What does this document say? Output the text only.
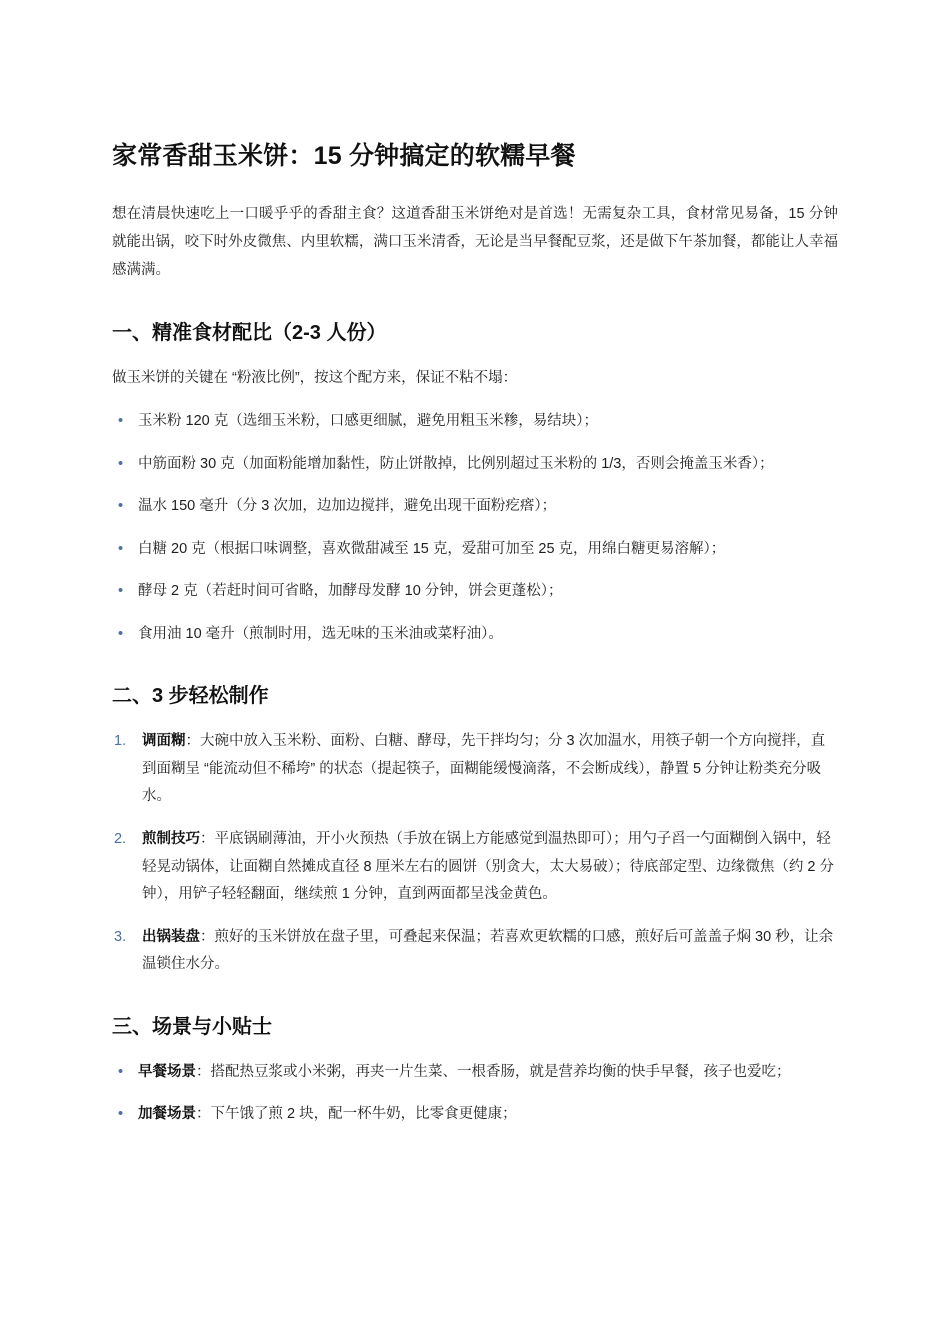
家常香甜玉米饼：15 分钟搞定的软糯早餐

想在清晨快速吃上一口暖乎乎的香甜主食？这道香甜玉米饼绝对是首选！无需复杂工具，食材常见易备，15 分钟就能出锅，咬下时外皮微焦、内里软糯，满口玉米清香，无论是当早餐配豆浆，还是做下午茶加餐，都能让人幸福感满满。

一、精准食材配比（2-3 人份）

做玉米饼的关键在 “粉液比例”，按这个配方来，保证不粘不塌：

• 玉米粉 120 克（选细玉米粉，口感更细腻，避免用粗玉米糁，易结块）；
• 中筋面粉 30 克（加面粉能增加黏性，防止饼散掉，比例别超过玉米粉的 1/3，否则会掩盖玉米香）；
• 温水 150 毫升（分 3 次加，边加边搅拌，避免出现干面粉疙瘩）；
• 白糖 20 克（根据口味调整，喜欢微甜减至 15 克，爱甜可加至 25 克，用绵白糖更易溶解）；
• 酵母 2 克（若赶时间可省略，加酵母发酵 10 分钟，饼会更蓬松）；
• 食用油 10 毫升（煎制时用，选无味的玉米油或菜籽油）。
二、3 步轻松制作
1.	调面糊：大碗中放入玉米粉、面粉、白糖、酵母，先干拌均匀；分 3 次加温水，用筷子朝一个方向搅拌，直到面糊呈 “能流动但不稀垮” 的状态（提起筷子，面糊能缓慢滴落，不会断成线），静置 5 分钟让粉类充分吸水。
2.	煎制技巧：平底锅刷薄油，开小火预热（手放在锅上方能感觉到温热即可）；用勺子舀一勺面糊倒入锅中，轻轻晃动锅体，让面糊自然摊成直径 8 厘米左右的圆饼（别贪大，太大易破）；待底部定型、边缘微焦（约 2 分钟），用铲子轻轻翻面，继续煎 1 分钟，直到两面都呈浅金黄色。
3.	出锅装盘：煎好的玉米饼放在盘子里，可叠起来保温；若喜欢更软糯的口感，煎好后可盖盖子焖 30 秒，让余温锁住水分。
三、场景与小贴士
• 早餐场景：搭配热豆浆或小米粥，再夹一片生菜、一根香肠，就是营养均衡的快手早餐，孩子也爱吃；
• 加餐场景：下午饿了煎 2 块，配一杯牛奶，比零食更健康；
